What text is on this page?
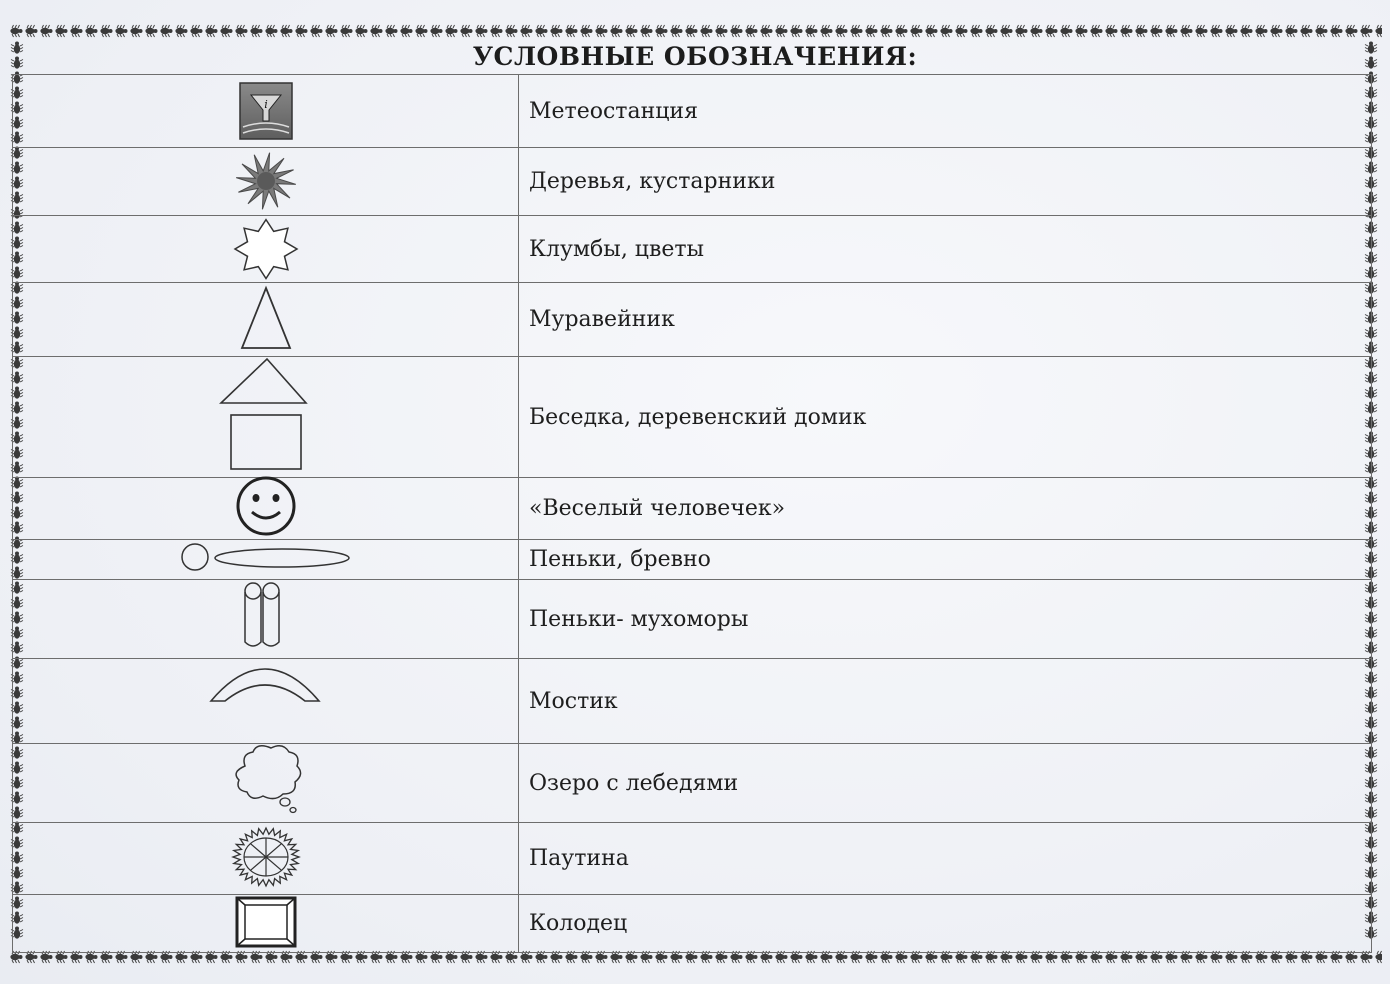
УСЛОВНЫЕ ОБОЗНАЧЕНИЯ:
i	Метеостанция

	Деревья, кустарники

	Клумбы, цветы

	Муравейник

	Беседка, деревенский домик

	«Веселый человечек»

	Пеньки, бревно

	Пеньки- мухоморы

	Мостик

	Озеро с лебедями

	Паутина

	Колодец
